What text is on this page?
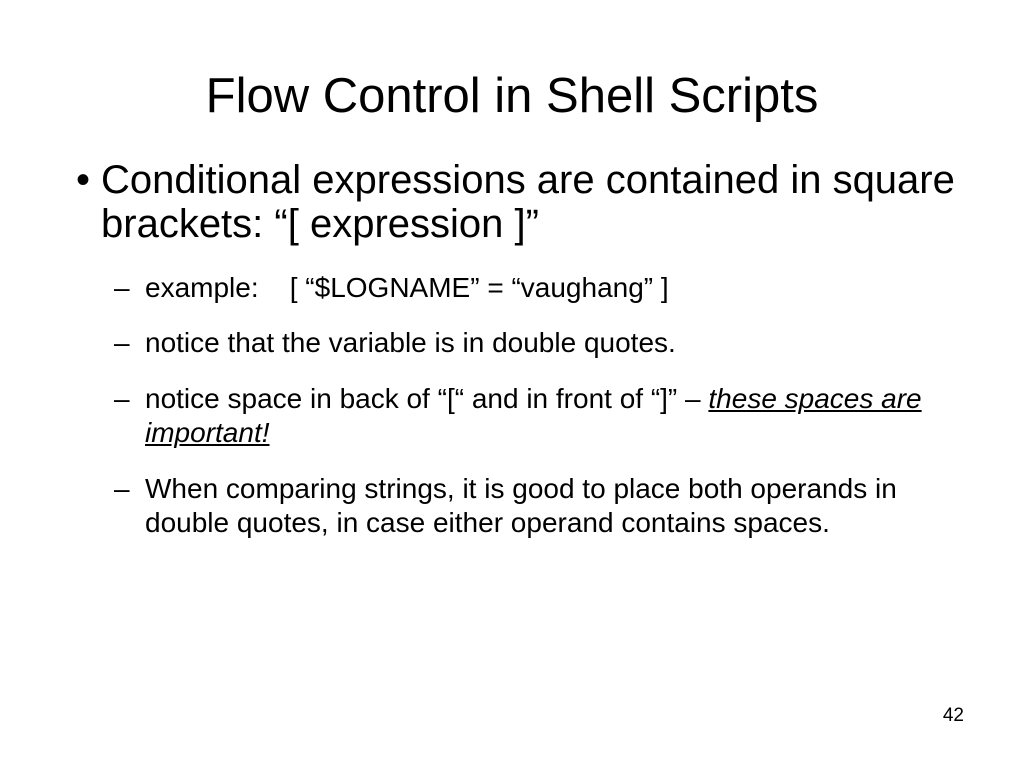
Flow Control in Shell Scripts
• Conditional expressions are contained in square brackets: “[ expression ]”
– example: [ “$LOGNAME” = “vaughang” ]
– notice that the variable is in double quotes.
– notice space in back of “[“ and in front of “]” – these spaces are important!
– When comparing strings, it is good to place both operands in double quotes, in case either operand contains spaces.
42
